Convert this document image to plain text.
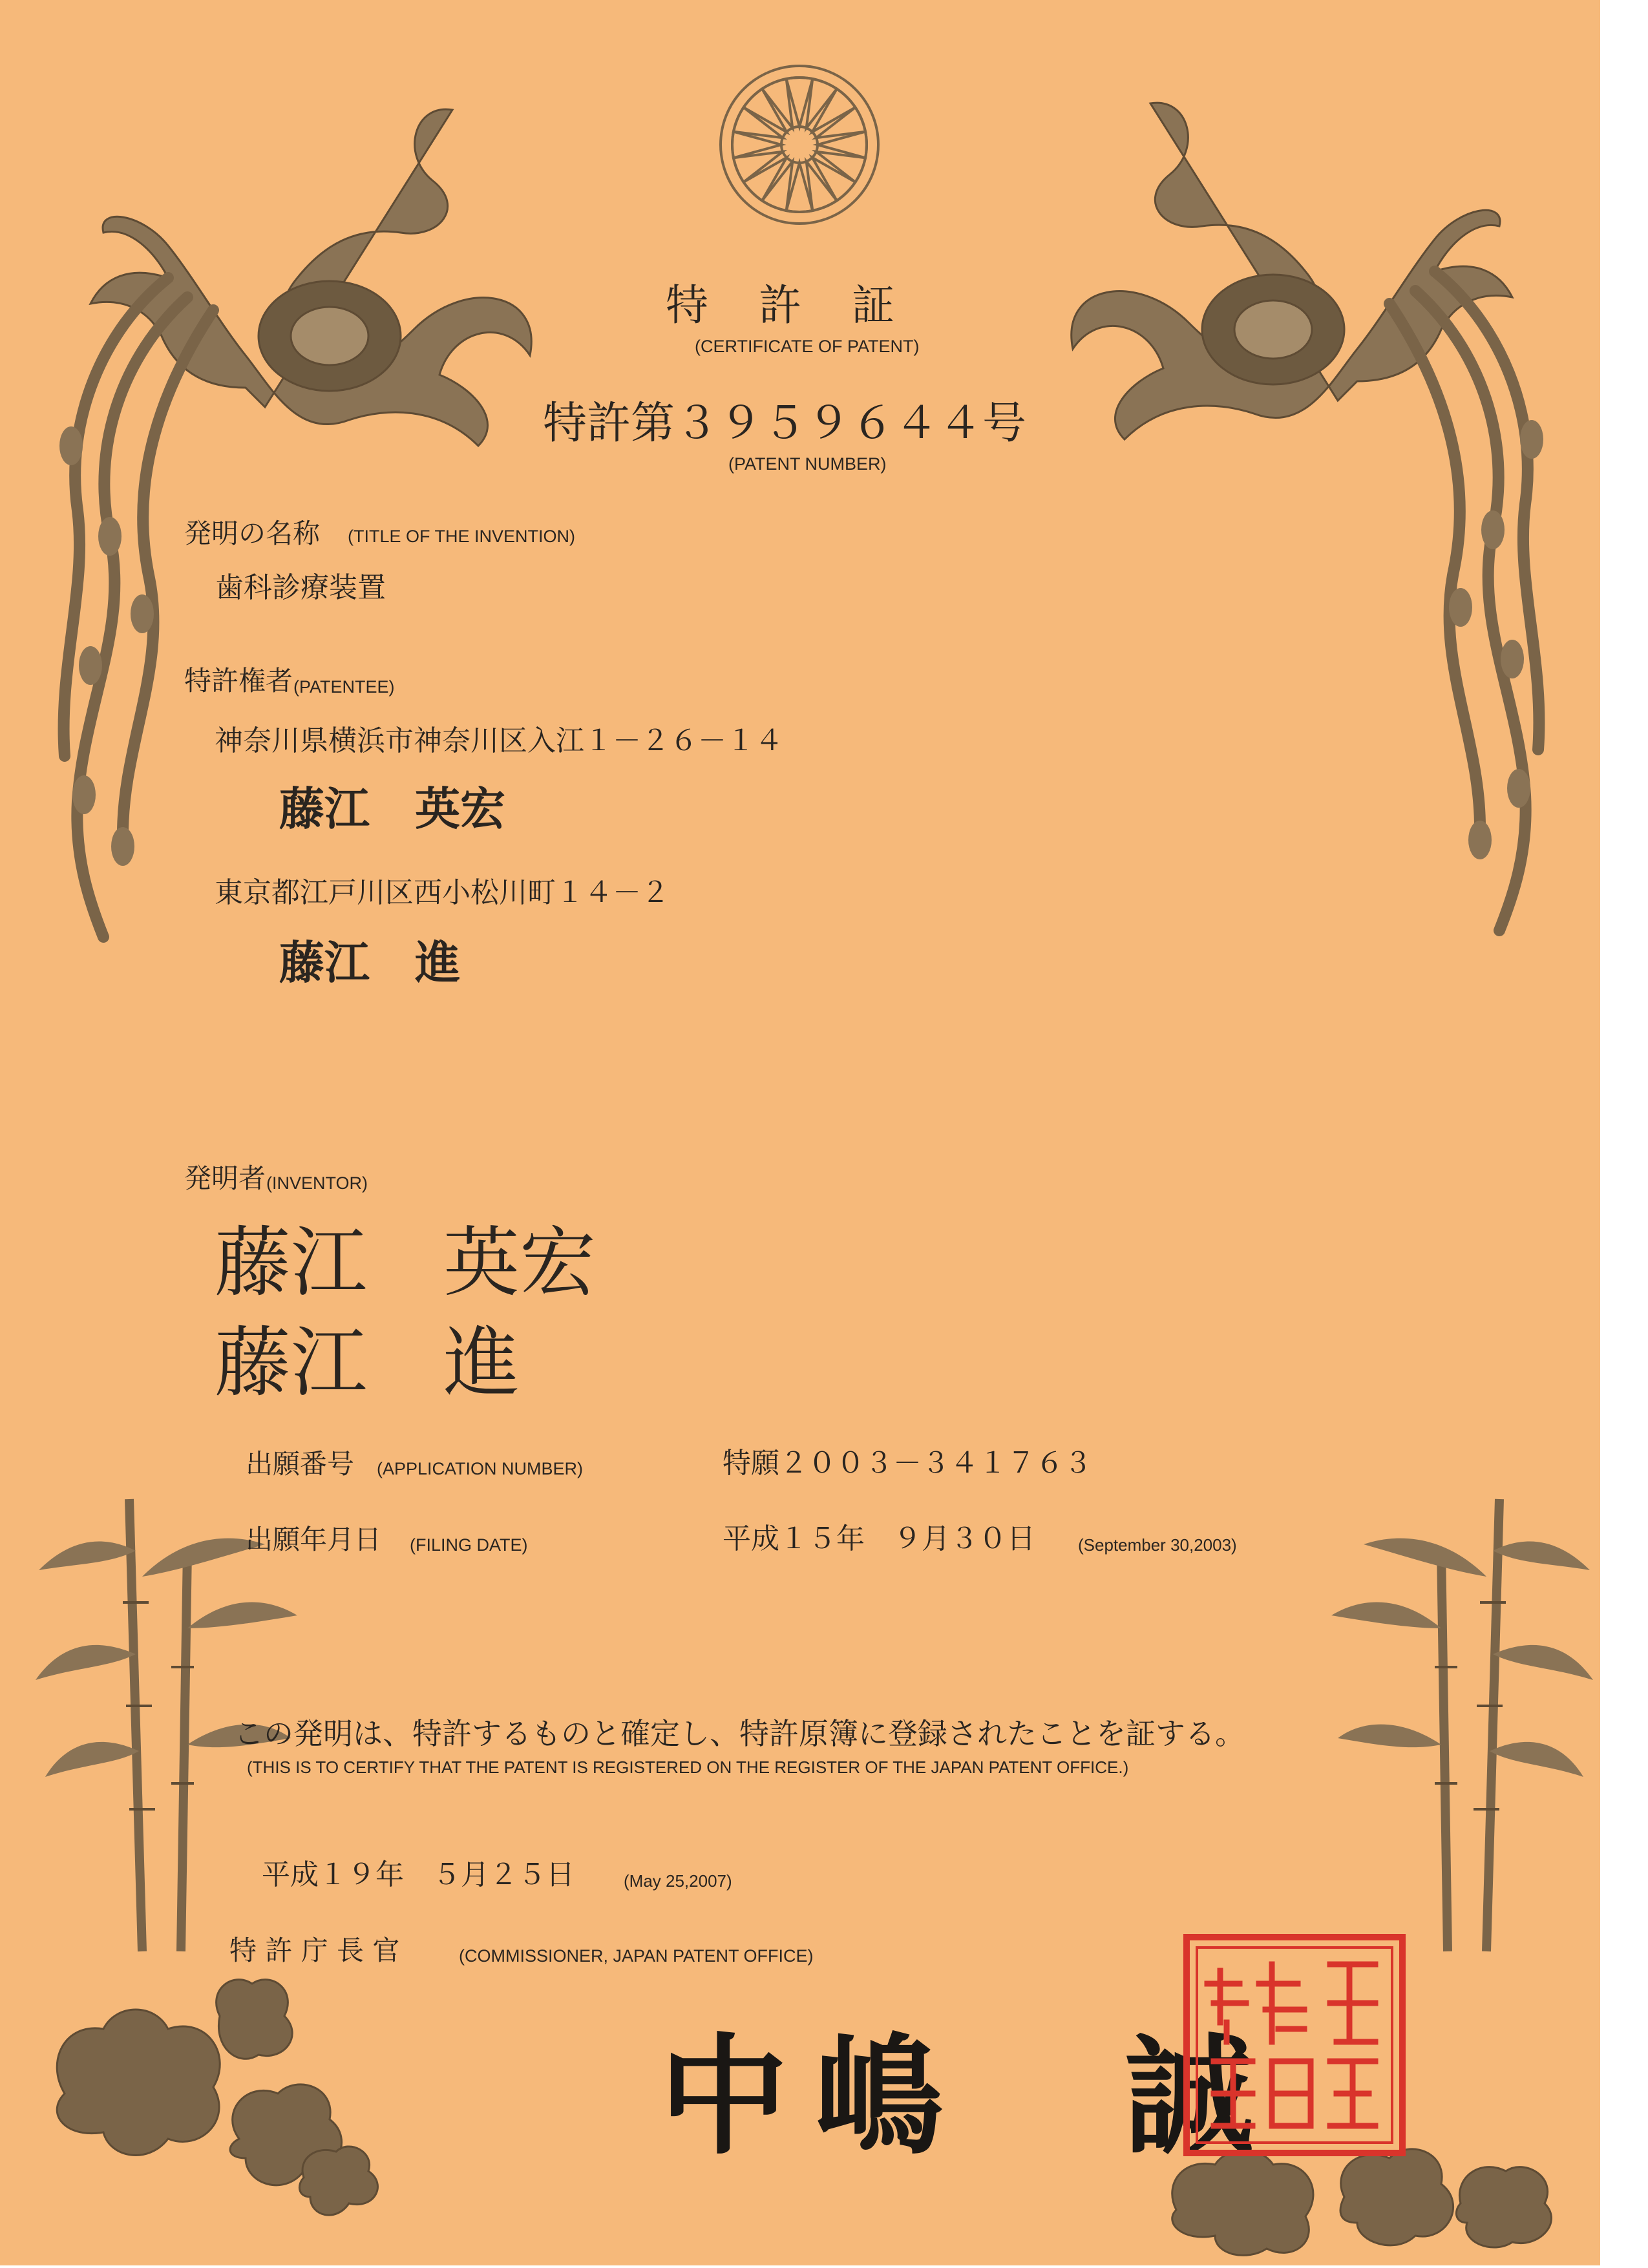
特　許　証
(CERTIFICATE OF PATENT)
特許第３９５９６４４号
(PATENT NUMBER)
発明の名称 (TITLE OF THE INVENTION)
歯科診療装置
特許権者 (PATENTEE)
神奈川県横浜市神奈川区入江１－２６－１４
藤江　英宏
東京都江戸川区西小松川町１４－２
藤江　進
発明者 (INVENTOR)
藤江　英宏
藤江　進
出願番号 (APPLICATION NUMBER)	特願２００３－３４１７６３
出願年月日 (FILING DATE)	平成１５年　９月３０日	(September 30,2003)
この発明は、特許するものと確定し、特許原簿に登録されたことを証する。
(THIS IS TO CERTIFY THAT THE PATENT IS REGISTERED ON THE REGISTER OF THE JAPAN PATENT OFFICE.)
平成１９年　５月２５日	(May 25,2007)
特 許 庁 長 官	(COMMISSIONER, JAPAN PATENT OFFICE)
中嶋　誠
